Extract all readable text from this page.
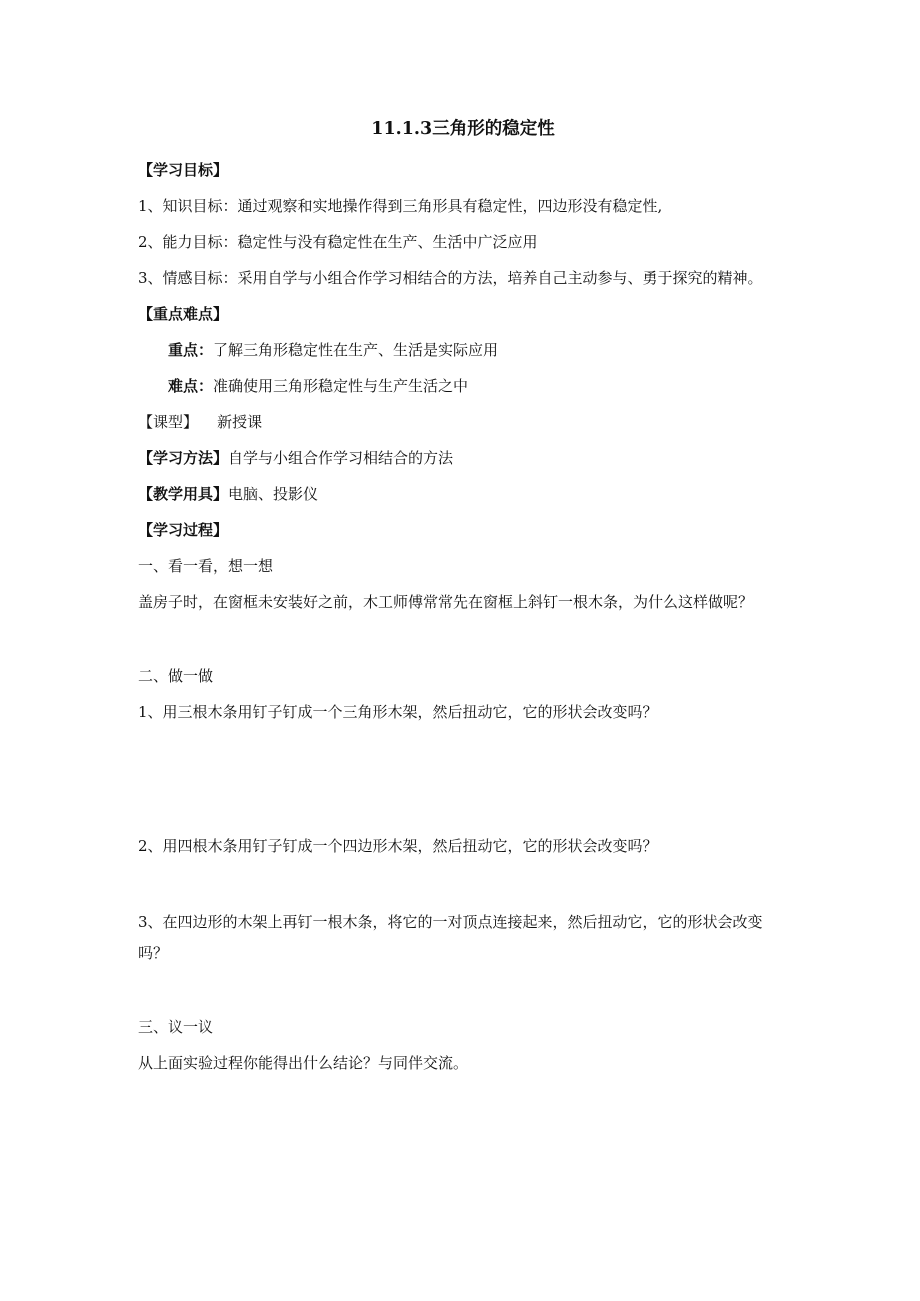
11.1.3三角形的稳定性

【学习目标】

1、知识目标：通过观察和实地操作得到三角形具有稳定性，四边形没有稳定性,

2、能力目标：稳定性与没有稳定性在生产、生活中广泛应用

3、情感目标：采用自学与小组合作学习相结合的方法，培养自己主动参与、勇于探究的精神。

【重点难点】

重点：了解三角形稳定性在生产、生活是实际应用

难点：准确使用三角形稳定性与生产生活之中

【课型】 新授课

【学习方法】自学与小组合作学习相结合的方法

【教学用具】电脑、投影仪

【学习过程】

一、看一看，想一想

盖房子时，在窗框未安装好之前，木工师傅常常先在窗框上斜钉一根木条，为什么这样做呢？

二、做一做

1、用三根木条用钉子钉成一个三角形木架，然后扭动它，它的形状会改变吗？

2、用四根木条用钉子钉成一个四边形木架，然后扭动它，它的形状会改变吗？

3、在四边形的木架上再钉一根木条，将它的一对顶点连接起来，然后扭动它，它的形状会改变吗？

三、议一议

从上面实验过程你能得出什么结论？与同伴交流。
